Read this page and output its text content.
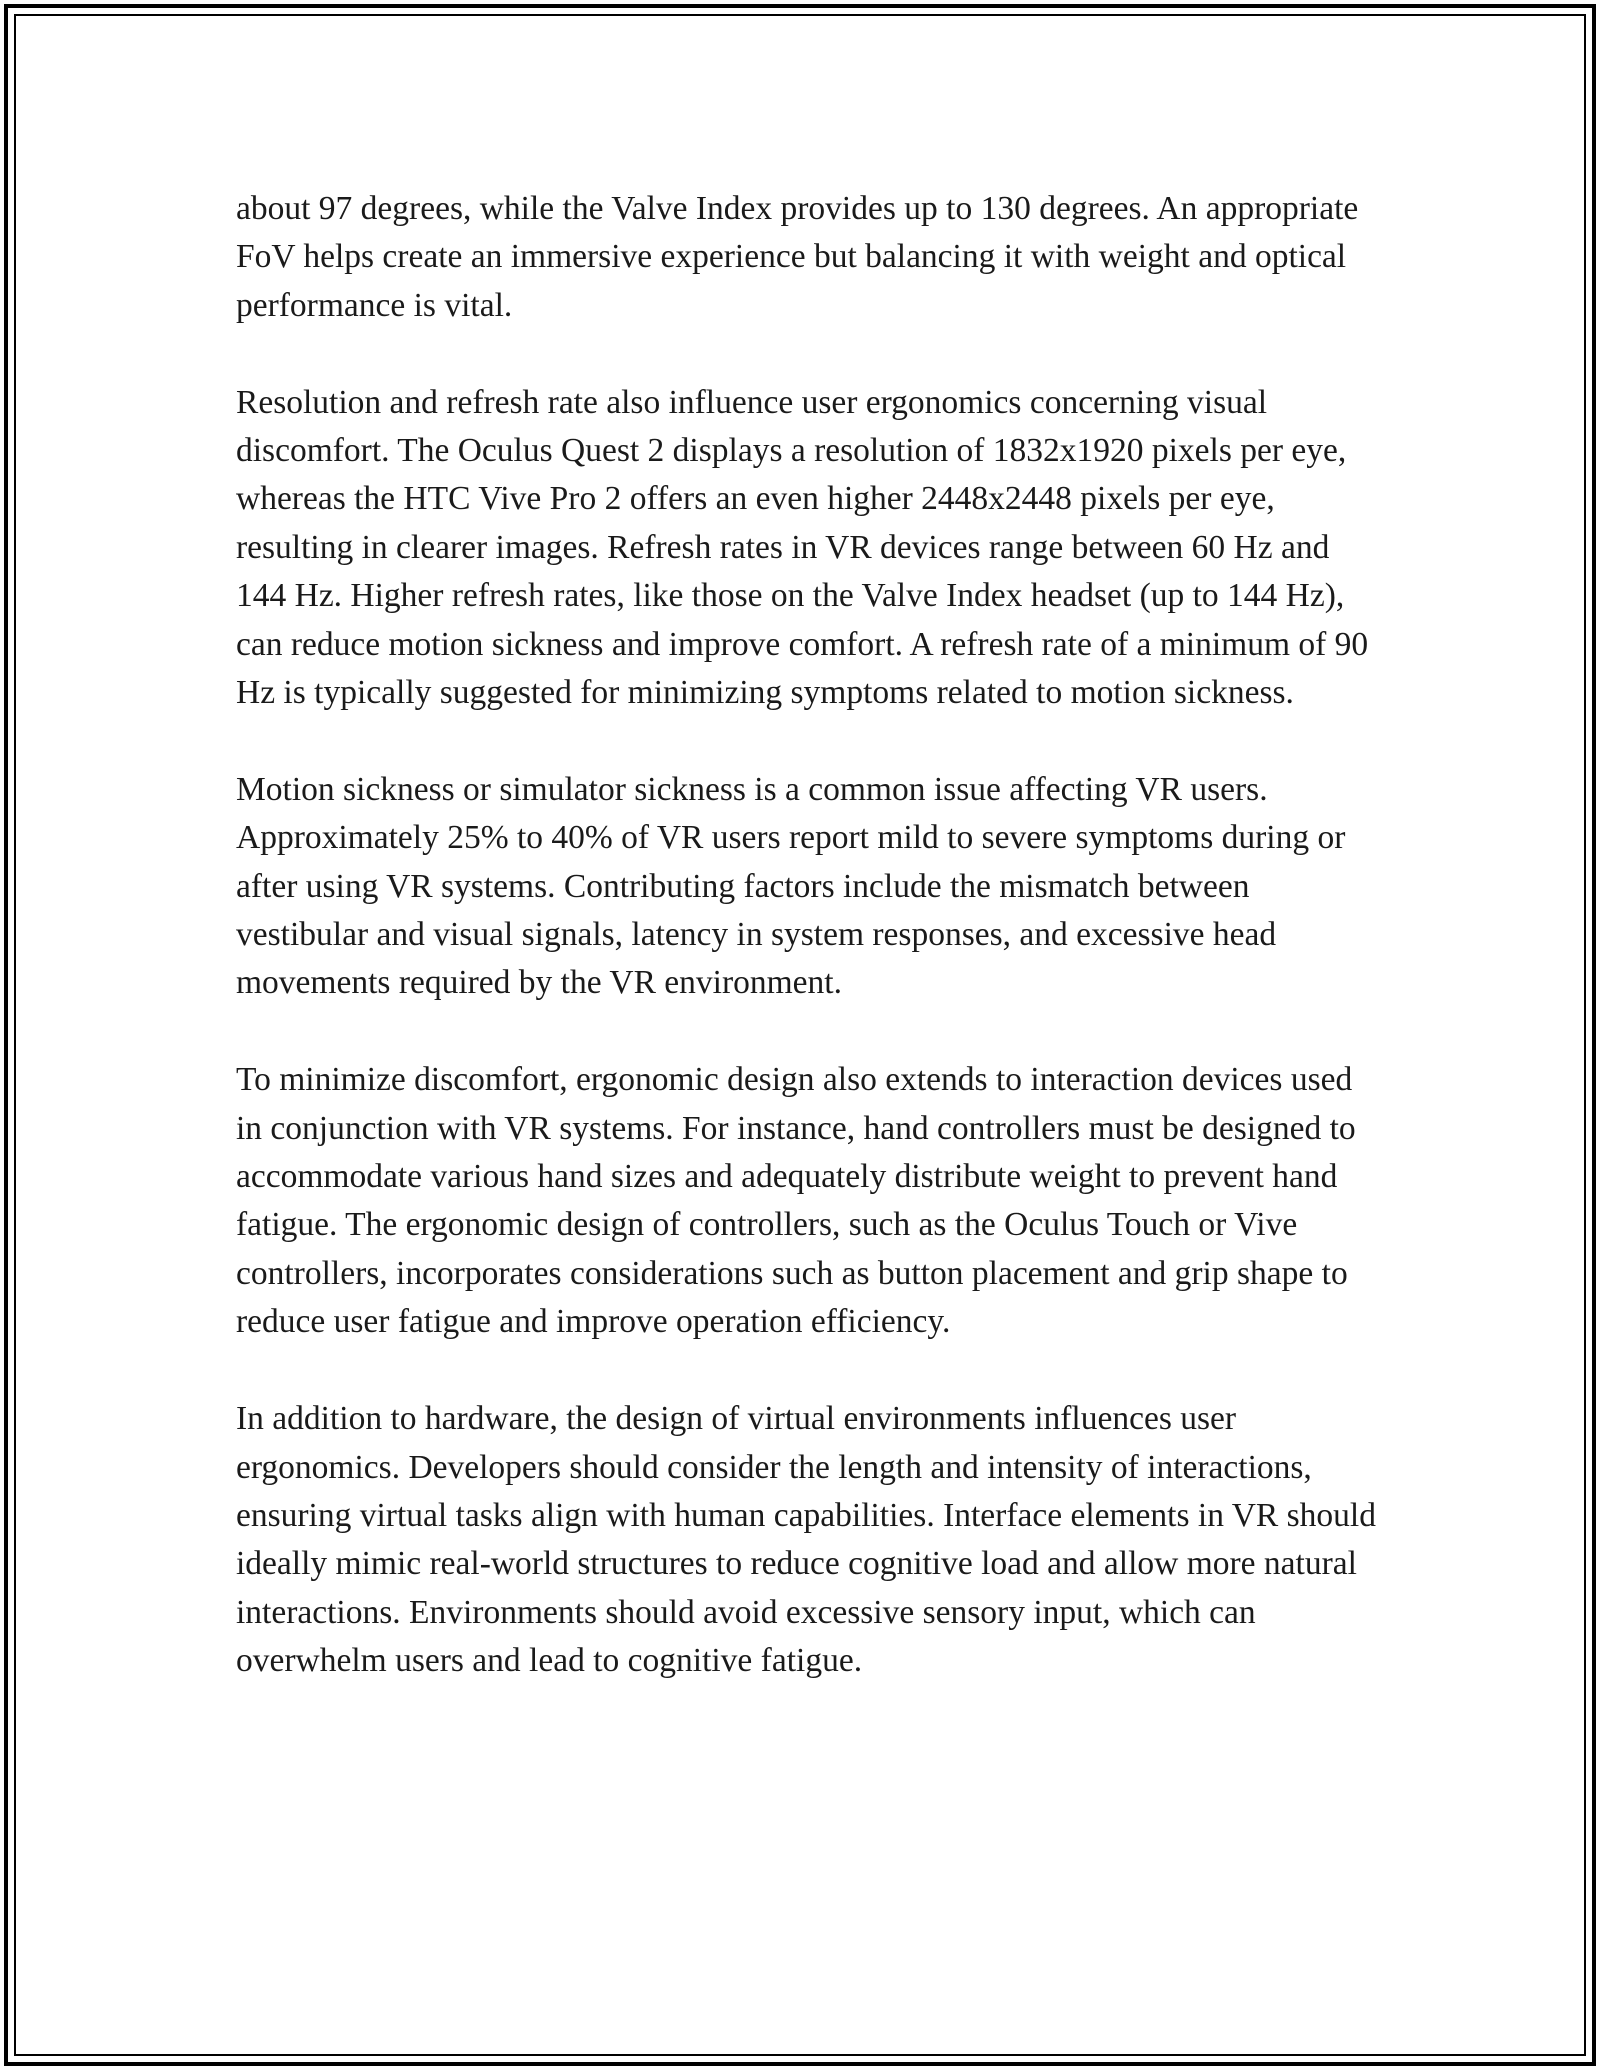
about 97 degrees, while the Valve Index provides up to 130 degrees. An appropriate FoV helps create an immersive experience but balancing it with weight and optical performance is vital.

Resolution and refresh rate also influence user ergonomics concerning visual discomfort. The Oculus Quest 2 displays a resolution of 1832x1920 pixels per eye, whereas the HTC Vive Pro 2 offers an even higher 2448x2448 pixels per eye, resulting in clearer images. Refresh rates in VR devices range between 60 Hz and 144 Hz. Higher refresh rates, like those on the Valve Index headset (up to 144 Hz), can reduce motion sickness and improve comfort. A refresh rate of a minimum of 90 Hz is typically suggested for minimizing symptoms related to motion sickness.

Motion sickness or simulator sickness is a common issue affecting VR users. Approximately 25% to 40% of VR users report mild to severe symptoms during or after using VR systems. Contributing factors include the mismatch between vestibular and visual signals, latency in system responses, and excessive head movements required by the VR environment.

To minimize discomfort, ergonomic design also extends to interaction devices used in conjunction with VR systems. For instance, hand controllers must be designed to accommodate various hand sizes and adequately distribute weight to prevent hand fatigue. The ergonomic design of controllers, such as the Oculus Touch or Vive controllers, incorporates considerations such as button placement and grip shape to reduce user fatigue and improve operation efficiency.

In addition to hardware, the design of virtual environments influences user ergonomics. Developers should consider the length and intensity of interactions, ensuring virtual tasks align with human capabilities. Interface elements in VR should ideally mimic real-world structures to reduce cognitive load and allow more natural interactions. Environments should avoid excessive sensory input, which can overwhelm users and lead to cognitive fatigue.
